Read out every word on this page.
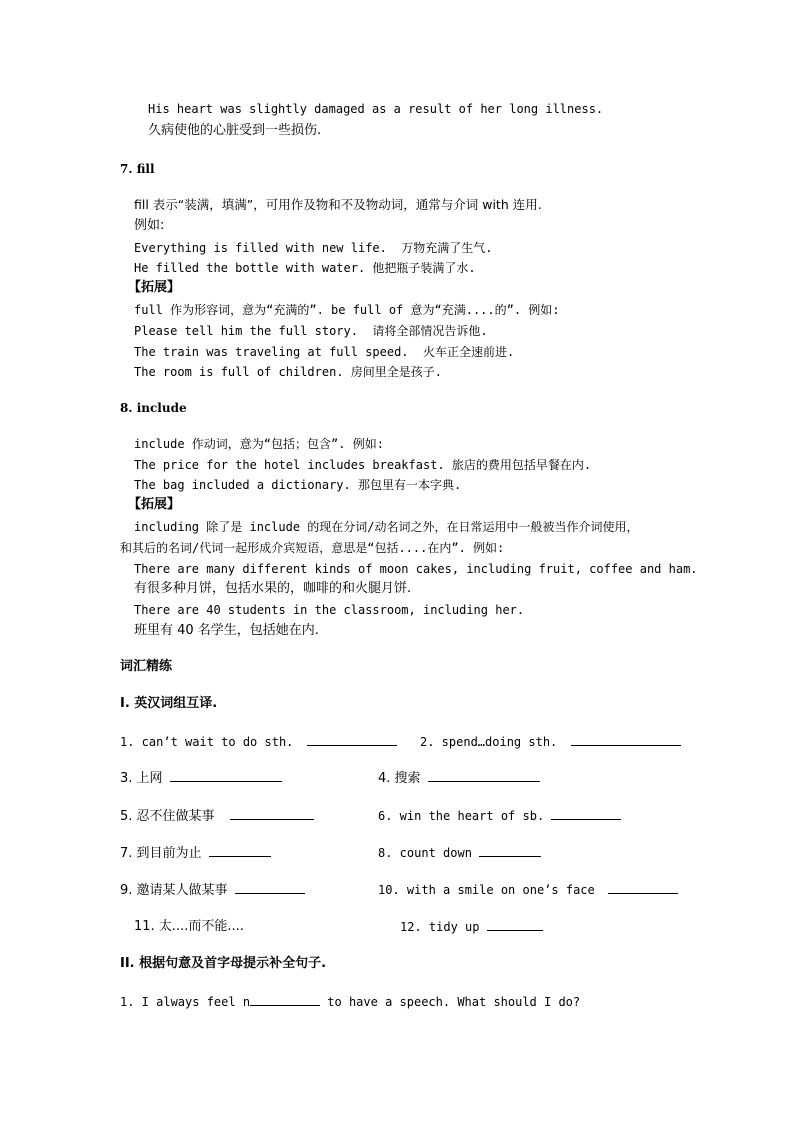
His heart was slightly damaged as a result of her long illness.
久病使他的心脏受到一些损伤.
7. fill
fill 表示“装满，填满”，可用作及物和不及物动词，通常与介词 with 连用.
例如:
Everything is filled with new life.  万物充满了生气.
He filled the bottle with water. 他把瓶子装满了水.
【拓展】
full 作为形容词，意为“充满的”. be full of 意为“充满....的”. 例如:
Please tell him the full story.  请将全部情况告诉他.
The train was traveling at full speed.  火车正全速前进.
The room is full of children. 房间里全是孩子.
8. include
include 作动词，意为“包括；包含”. 例如:
The price for the hotel includes breakfast. 旅店的费用包括早餐在内.
The bag included a dictionary. 那包里有一本字典.
【拓展】
including 除了是 include 的现在分词/动名词之外，在日常运用中一般被当作介词使用，
和其后的名词/代词一起形成介宾短语，意思是“包括....在内”. 例如:
There are many different kinds of moon cakes, including fruit, coffee and ham.
有很多种月饼，包括水果的，咖啡的和火腿月饼.
There are 40 students in the classroom, including her.
班里有 40 名学生，包括她在内.
词汇精练
I. 英汉词组互译.
1. can’t wait to do sth.	2. spend…doing sth.
3. 上网	4. 搜索
5. 忍不住做某事	6. win the heart of sb.
7. 到目前为止	8. count down
9. 邀请某人做某事	10. with a smile on one’s face
11. 太....而不能....	12. tidy up
II. 根据句意及首字母提示补全句子.
1. I always feel n	to have a speech. What should I do?
